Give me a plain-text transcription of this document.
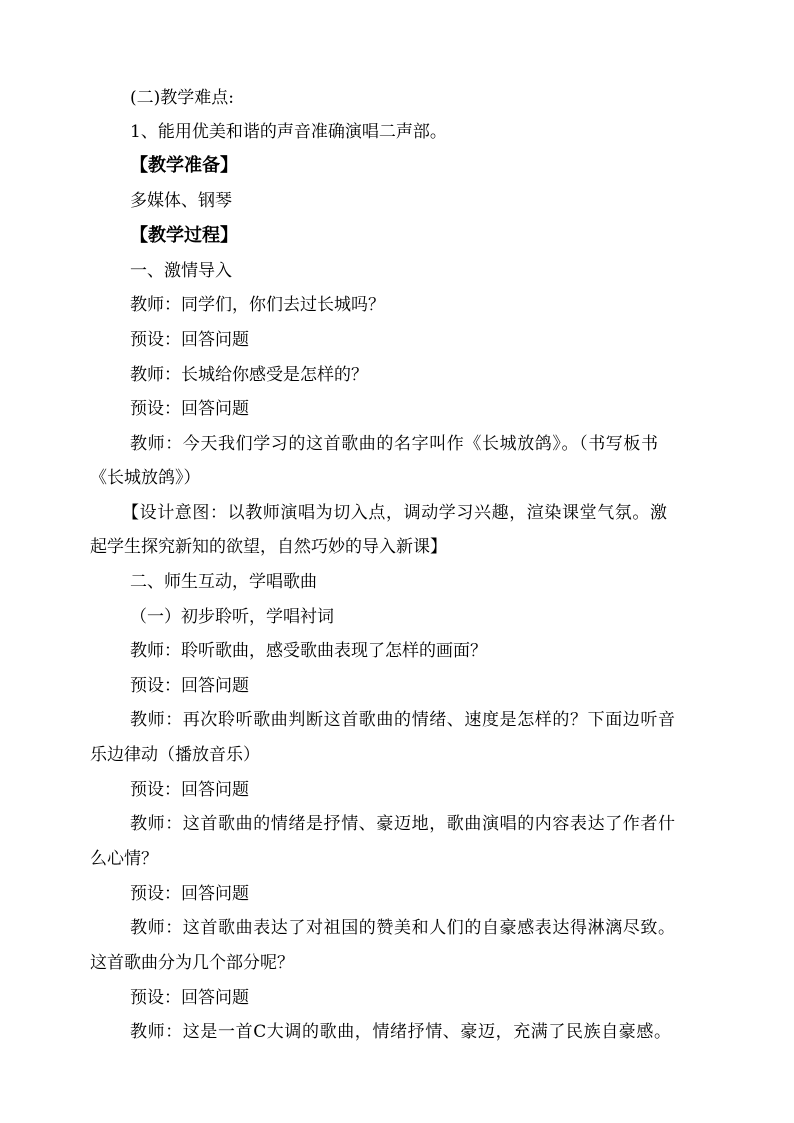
(二)教学难点:
1、能用优美和谐的声音准确演唱二声部。
【教学准备】
多媒体、钢琴
【教学过程】
一、激情导入
教师：同学们，你们去过长城吗？
预设：回答问题
教师：长城给你感受是怎样的？
预设：回答问题
教师：今天我们学习的这首歌曲的名字叫作《长城放鸽》。（书写板书
《长城放鸽》）
【设计意图：以教师演唱为切入点，调动学习兴趣，渲染课堂气氛。激
起学生探究新知的欲望，自然巧妙的导入新课】
二、师生互动，学唱歌曲
（一）初步聆听，学唱衬词
教师：聆听歌曲，感受歌曲表现了怎样的画面？
预设：回答问题
教师：再次聆听歌曲判断这首歌曲的情绪、速度是怎样的？下面边听音
乐边律动（播放音乐）
预设：回答问题
教师：这首歌曲的情绪是抒情、豪迈地，歌曲演唱的内容表达了作者什
么心情？
预设：回答问题
教师：这首歌曲表达了对祖国的赞美和人们的自豪感表达得淋漓尽致。
这首歌曲分为几个部分呢？
预设：回答问题
教师：这是一首C大调的歌曲，情绪抒情、豪迈，充满了民族自豪感。
